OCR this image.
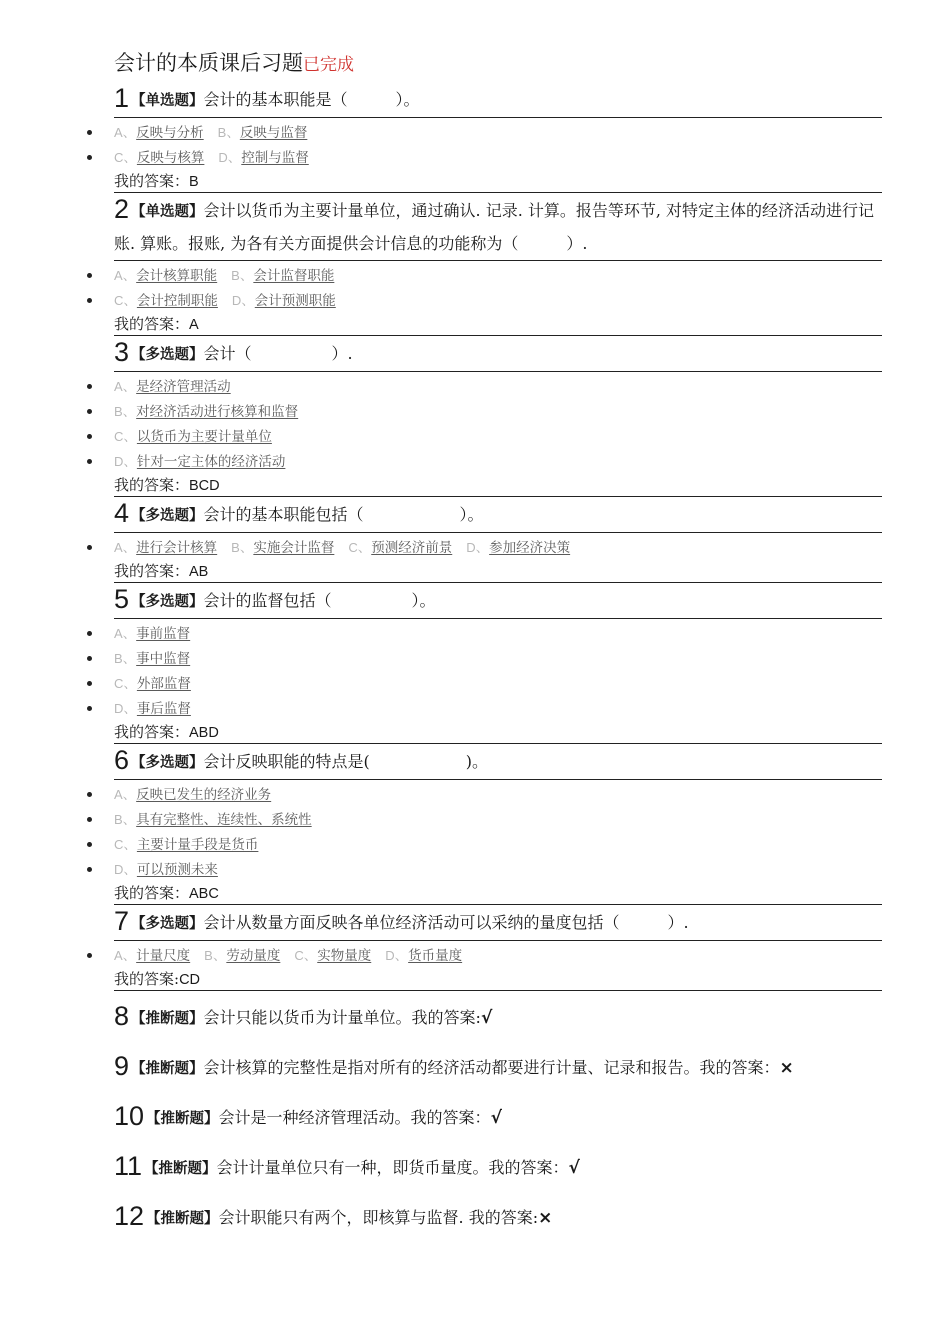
会计的本质课后习题已完成
1 【单选题】会计的基本职能是（　　　）。
A、反映与分析 B、反映与监督
C、反映与核算 D、控制与监督
我的答案：B
2 【单选题】会计以货币为主要计量单位，通过确认. 记录. 计算。报告等环节, 对特定主体的经济活动进行记账. 算账。报账, 为各有关方面提供会计信息的功能称为（　　　）.
A、会计核算职能 B、会计监督职能
C、会计控制职能 D、会计预测职能
我的答案：A
3 【多选题】会计（　　　　　）.
A、是经济管理活动
B、对经济活动进行核算和监督
C、以货币为主要计量单位
D、针对一定主体的经济活动
我的答案：BCD
4 【多选题】会计的基本职能包括（　　　　　　）。
A、进行会计核算 B、实施会计监督 C、预测经济前景 D、参加经济决策
我的答案：AB
5 【多选题】会计的监督包括（　　　　　）。
A、事前监督
B、事中监督
C、外部监督
D、事后监督
我的答案：ABD
6 【多选题】会计反映职能的特点是(　　　　　　)。
A、反映已发生的经济业务
B、具有完整性、连续性、系统性
C、主要计量手段是货币
D、可以预测未来
我的答案：ABC
7 【多选题】会计从数量方面反映各单位经济活动可以采纳的量度包括（　　　）.
A、计量尺度 B、劳动量度 C、实物量度 D、货币量度
我的答案:CD
8 【推断题】会计只能以货币为计量单位。我的答案:√
9 【推断题】会计核算的完整性是指对所有的经济活动都要进行计量、记录和报告。我的答案：×
10 【推断题】会计是一种经济管理活动。我的答案：√
11 【推断题】会计计量单位只有一种，即货币量度。我的答案：√
12 【推断题】会计职能只有两个，即核算与监督. 我的答案:×
